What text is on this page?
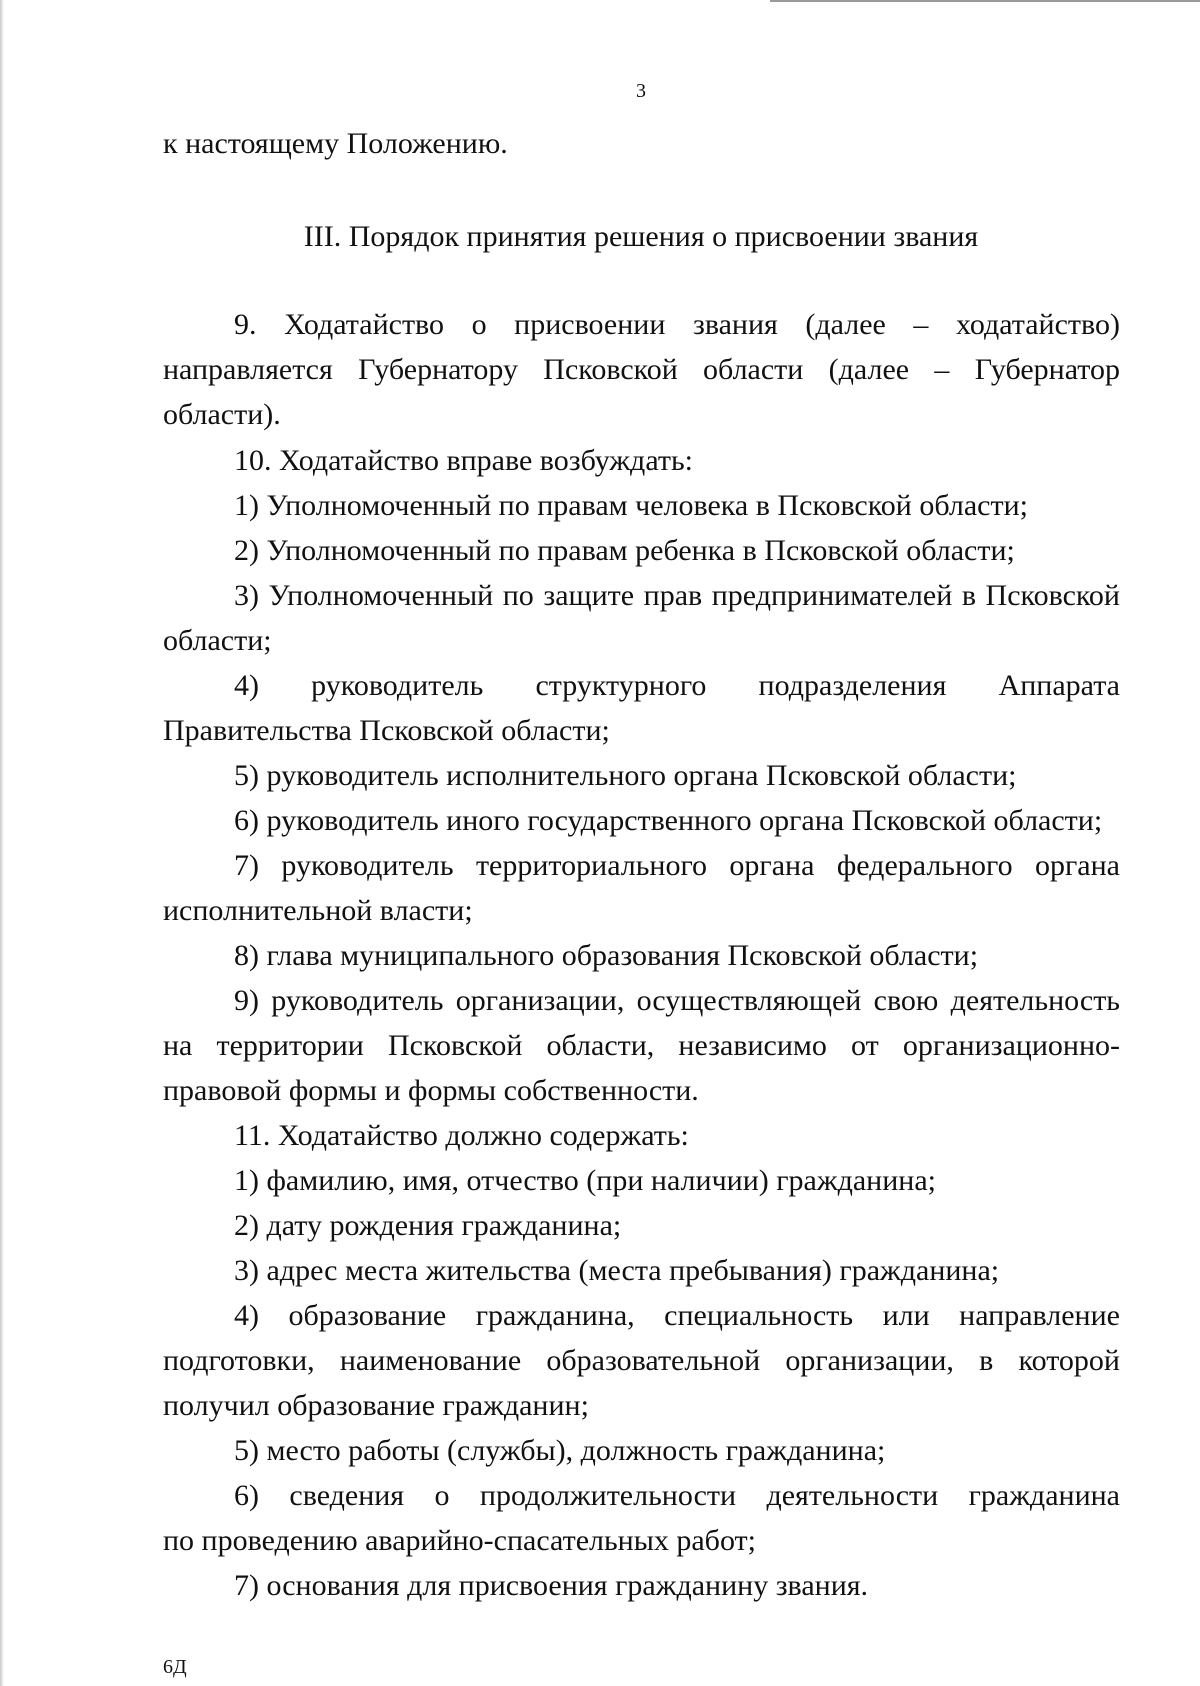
3
к настоящему Положению.
III. Порядок принятия решения о присвоении звания
9. Ходатайство о присвоении звания (далее – ходатайство)
направляется Губернатору Псковской области (далее – Губернатор
области).
10. Ходатайство вправе возбуждать:
1) Уполномоченный по правам человека в Псковской области;
2) Уполномоченный по правам ребенка в Псковской области;
3) Уполномоченный по защите прав предпринимателей в Псковской
области;
4) руководитель структурного подразделения Аппарата
Правительства Псковской области;
5) руководитель исполнительного органа Псковской области;
6) руководитель иного государственного органа Псковской области;
7) руководитель территориального органа федерального органа
исполнительной власти;
8) глава муниципального образования Псковской области;
9) руководитель организации, осуществляющей свою деятельность
на территории Псковской области, независимо от организационно-
правовой формы и формы собственности.
11. Ходатайство должно содержать:
1) фамилию, имя, отчество (при наличии) гражданина;
2) дату рождения гражданина;
3) адрес места жительства (места пребывания) гражданина;
4) образование гражданина, специальность или направление
подготовки, наименование образовательной организации, в которой
получил образование гражданин;
5) место работы (службы), должность гражданина;
6) сведения о продолжительности деятельности гражданина
по проведению аварийно-спасательных работ;
7) основания для присвоения гражданину звания.
6Д
